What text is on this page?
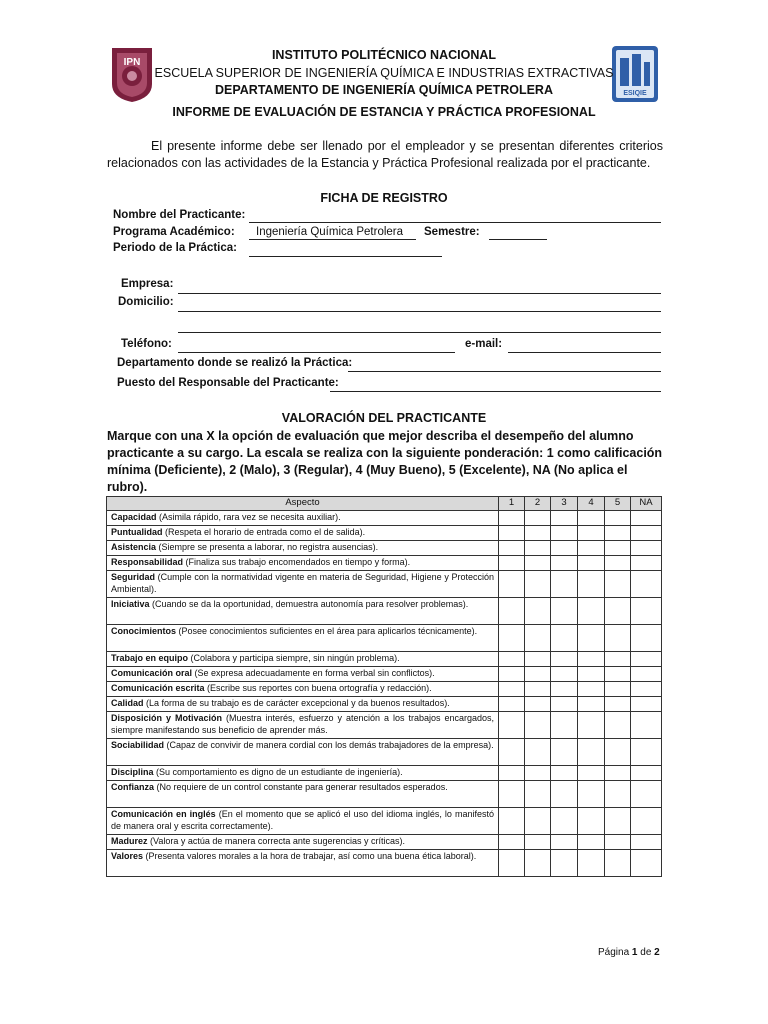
IPN
ESIQIE
INSTITUTO POLITÉCNICO NACIONAL
ESCUELA SUPERIOR DE INGENIERÍA QUÍMICA E INDUSTRIAS EXTRACTIVAS
DEPARTAMENTO DE INGENIERÍA QUÍMICA PETROLERA
INFORME DE EVALUACIÓN DE ESTANCIA Y PRÁCTICA PROFESIONAL

El presente informe debe ser llenado por el empleador y se presentan diferentes criterios relacionados con las actividades de la Estancia y Práctica Profesional realizada por el practicante.

FICHA DE REGISTRO
Nombre del Practicante:
Programa Académico: Ingeniería Química Petrolera Semestre:
Periodo de la Práctica:
Empresa:
Domicilio:
Teléfono:	e-mail:
Departamento donde se realizó la Práctica:
Puesto del Responsable del Practicante:
VALORACIÓN DEL PRACTICANTE
Marque con una X la opción de evaluación que mejor describa el desempeño del alumno practicante a su cargo. La escala se realiza con la siguiente ponderación: 1 como calificación mínima (Deficiente), 2 (Malo), 3 (Regular), 4 (Muy Bueno), 5 (Excelente), NA (No aplica el rubro).
Aspecto	1	2	3	4	5	NA
Capacidad (Asimila rápido, rara vez se necesita auxiliar).						
Puntualidad (Respeta el horario de entrada como el de salida).						
Asistencia (Siempre se presenta a laborar, no registra ausencias).						
Responsabilidad (Finaliza sus trabajo encomendados en tiempo y forma).						
Seguridad (Cumple con la normatividad vigente en materia de Seguridad, Higiene y Protección Ambiental).						
Iniciativa (Cuando se da la oportunidad, demuestra autonomía para resolver problemas).						
Conocimientos (Posee conocimientos suficientes en el área para aplicarlos técnicamente).						
Trabajo en equipo (Colabora y participa siempre, sin ningún problema).						
Comunicación oral (Se expresa adecuadamente en forma verbal sin conflictos).						
Comunicación escrita (Escribe sus reportes con buena ortografía y redacción).						
Calidad (La forma de su trabajo es de carácter excepcional y da buenos resultados).						
Disposición y Motivación (Muestra interés, esfuerzo y atención a los trabajos encargados, siempre manifestando sus beneficio de aprender más.						
Sociabilidad (Capaz de convivir de manera cordial con los demás trabajadores de la empresa).						
Disciplina (Su comportamiento es digno de un estudiante de ingeniería).						
Confianza (No requiere de un control constante para generar resultados esperados.						
Comunicación en inglés (En el momento que se aplicó el uso del idioma inglés, lo manifestó de manera oral y escrita correctamente).						
Madurez (Valora y actúa de manera correcta ante sugerencias y críticas).						
Valores (Presenta valores morales a la hora de trabajar, así como una buena ética laboral).						
Página 1 de 2
